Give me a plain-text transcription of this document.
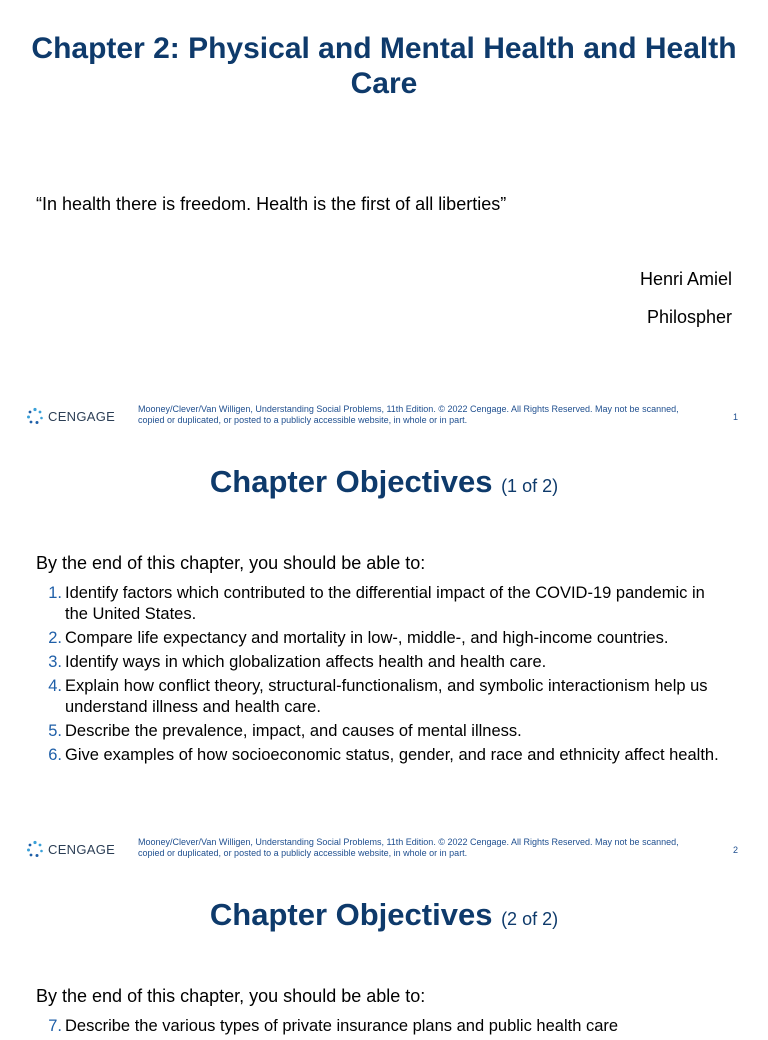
Chapter 2: Physical and Mental Health and Health Care

“In health there is freedom. Health is the first of all liberties”

Henri Amiel

Philospher

CENGAGE	Mooney/Clever/Van Willigen, Understanding Social Problems, 11th Edition. © 2022 Cengage. All Rights Reserved. May not be scanned, copied or duplicated, or posted to a publicly accessible website, in whole or in part.	1
Chapter Objectives (1 of 2)

By the end of this chapter, you should be able to:

1. Identify factors which contributed to the differential impact of the COVID-19 pandemic in the United States.
2. Compare life expectancy and mortality in low-, middle-, and high-income countries.
3. Identify ways in which globalization affects health and health care.
4. Explain how conflict theory, structural-functionalism, and symbolic interactionism help us understand illness and health care.
5. Describe the prevalence, impact, and causes of mental illness.
6. Give examples of how socioeconomic status, gender, and race and ethnicity affect health.
CENGAGE	Mooney/Clever/Van Willigen, Understanding Social Problems, 11th Edition. © 2022 Cengage. All Rights Reserved. May not be scanned, copied or duplicated, or posted to a publicly accessible website, in whole or in part.	2
Chapter Objectives (2 of 2)

By the end of this chapter, you should be able to:

7. Describe the various types of private insurance plans and public health care
